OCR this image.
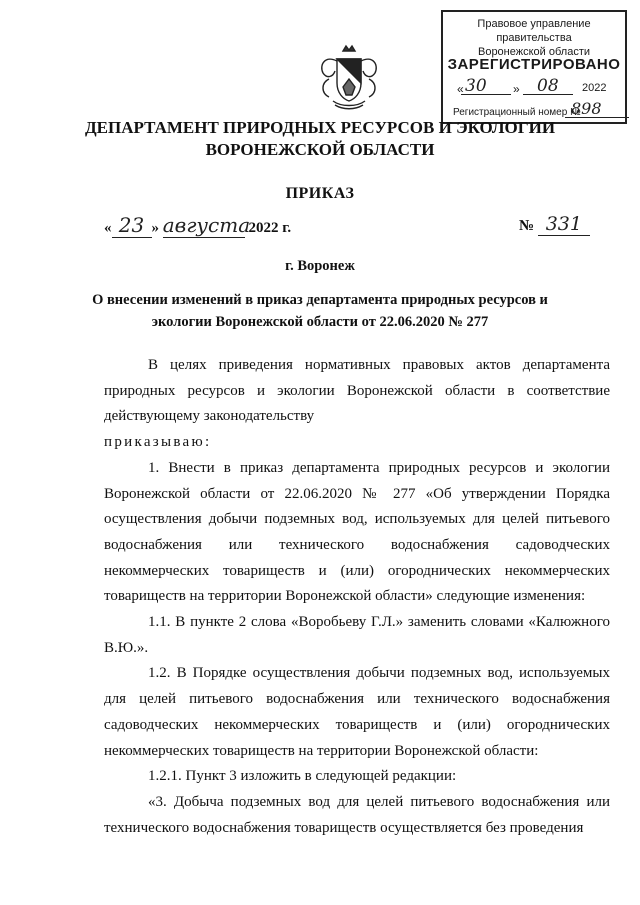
Правовое управление правительства
Воронежской области
ЗАРЕГИСТРИРОВАНО
« 30 » 08 2022
Регистрационный номер №
898
ДЕПАРТАМЕНТ ПРИРОДНЫХ РЕСУРСОВ И ЭКОЛОГИИ
ВОРОНЕЖСКОЙ ОБЛАСТИ
ПРИКАЗ
« 23 » августа 2022 г.	№ 331
г. Воронеж
О внесении изменений в приказ департамента природных ресурсов и экологии Воронежской области от 22.06.2020 № 277

В целях приведения нормативных правовых актов департамента природных ресурсов и экологии Воронежской области в соответствие действующему законодательству

приказываю:

1. Внести в приказ департамента природных ресурсов и экологии Воронежской области от 22.06.2020 № 277 «Об утверждении Порядка осуществления добычи подземных вод, используемых для целей питьевого водоснабжения или технического водоснабжения садоводческих некоммерческих товариществ и (или) огороднических некоммерческих товариществ на территории Воронежской области» следующие изменения:

1.1. В пункте 2 слова «Воробьеву Г.Л.» заменить словами «Калюжного В.Ю.».

1.2. В Порядке осуществления добычи подземных вод, используемых для целей питьевого водоснабжения или технического водоснабжения садоводческих некоммерческих товариществ и (или) огороднических некоммерческих товариществ на территории Воронежской области:

1.2.1. Пункт 3 изложить в следующей редакции:

«3. Добыча подземных вод для целей питьевого водоснабжения или технического водоснабжения товариществ осуществляется без проведения
